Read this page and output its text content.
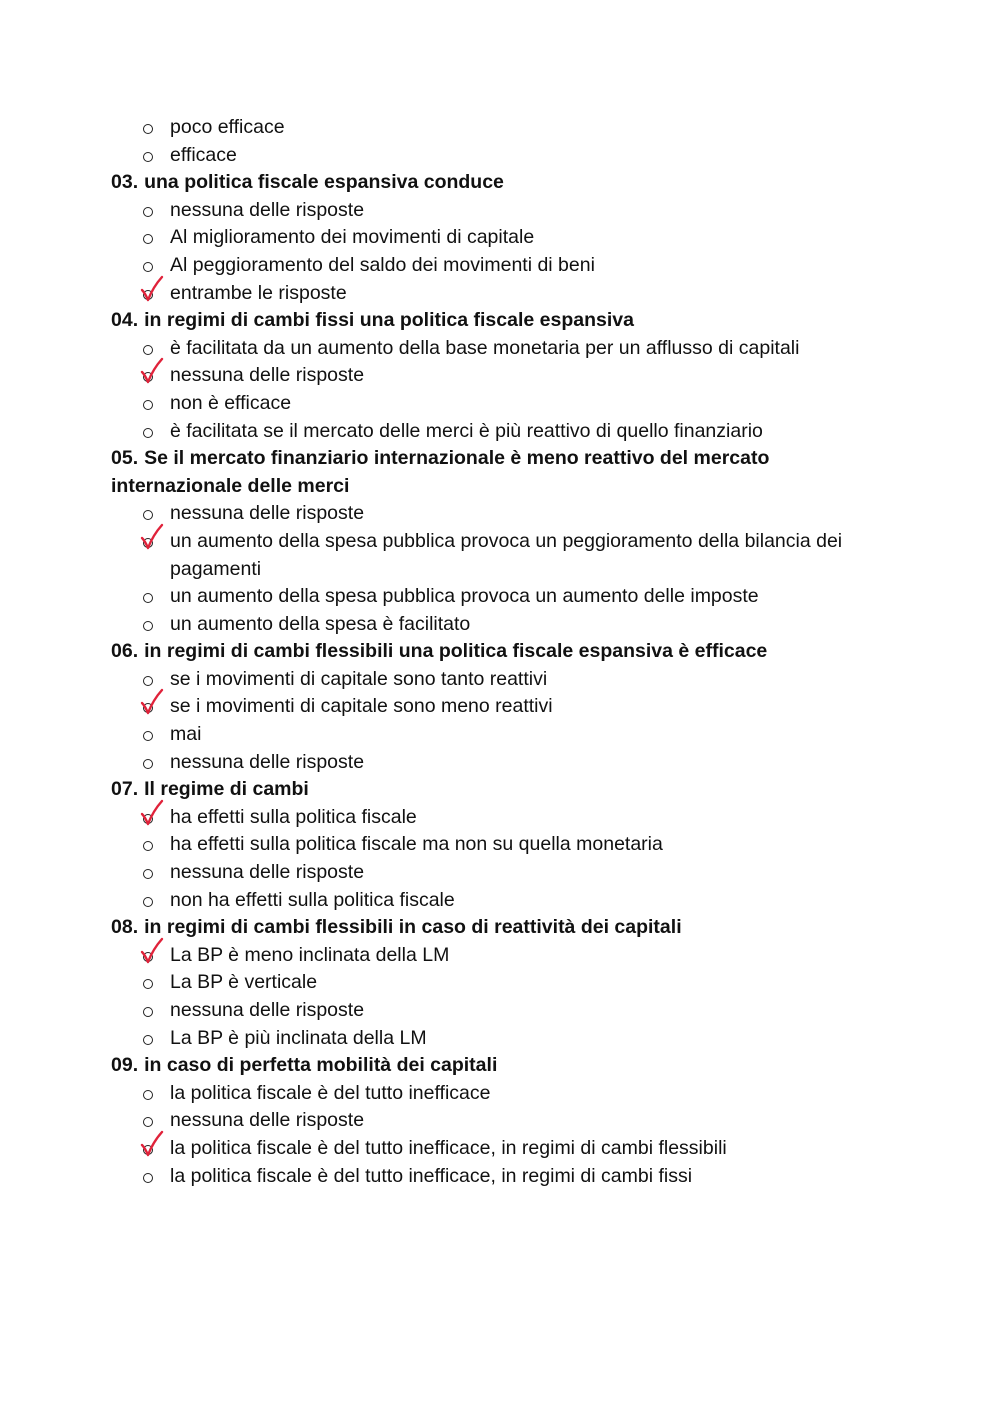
poco efficace
efficace

03. una politica fiscale espansiva conduce

nessuna delle risposte
Al miglioramento dei movimenti di capitale
Al peggioramento del saldo dei movimenti di beni
entrambe le risposte

04. in regimi di cambi fissi una politica fiscale espansiva

è facilitata da un aumento della base monetaria per un afflusso di capitali
nessuna delle risposte
non è efficace
è facilitata se il mercato delle merci è più reattivo di quello finanziario

05. Se il mercato finanziario internazionale è meno reattivo del mercato internazionale delle merci

nessuna delle risposte
un aumento della spesa pubblica provoca un peggioramento della bilancia dei pagamenti
un aumento della spesa pubblica provoca un aumento delle imposte
un aumento della spesa è facilitato

06. in regimi di cambi flessibili una politica fiscale espansiva è efficace

se i movimenti di capitale sono tanto reattivi
se i movimenti di capitale sono meno reattivi
mai
nessuna delle risposte

07. Il regime di cambi

ha effetti sulla politica fiscale
ha effetti sulla politica fiscale ma non su quella monetaria
nessuna delle risposte
non ha effetti sulla politica fiscale

08. in regimi di cambi flessibili in caso di reattività dei capitali

La BP è meno inclinata della LM
La BP è verticale
nessuna delle risposte
La BP è più inclinata della LM

09. in caso di perfetta mobilità dei capitali

la politica fiscale è del tutto inefficace
nessuna delle risposte
la politica fiscale è del tutto inefficace, in regimi di cambi flessibili
la politica fiscale è del tutto inefficace, in regimi di cambi fissi
